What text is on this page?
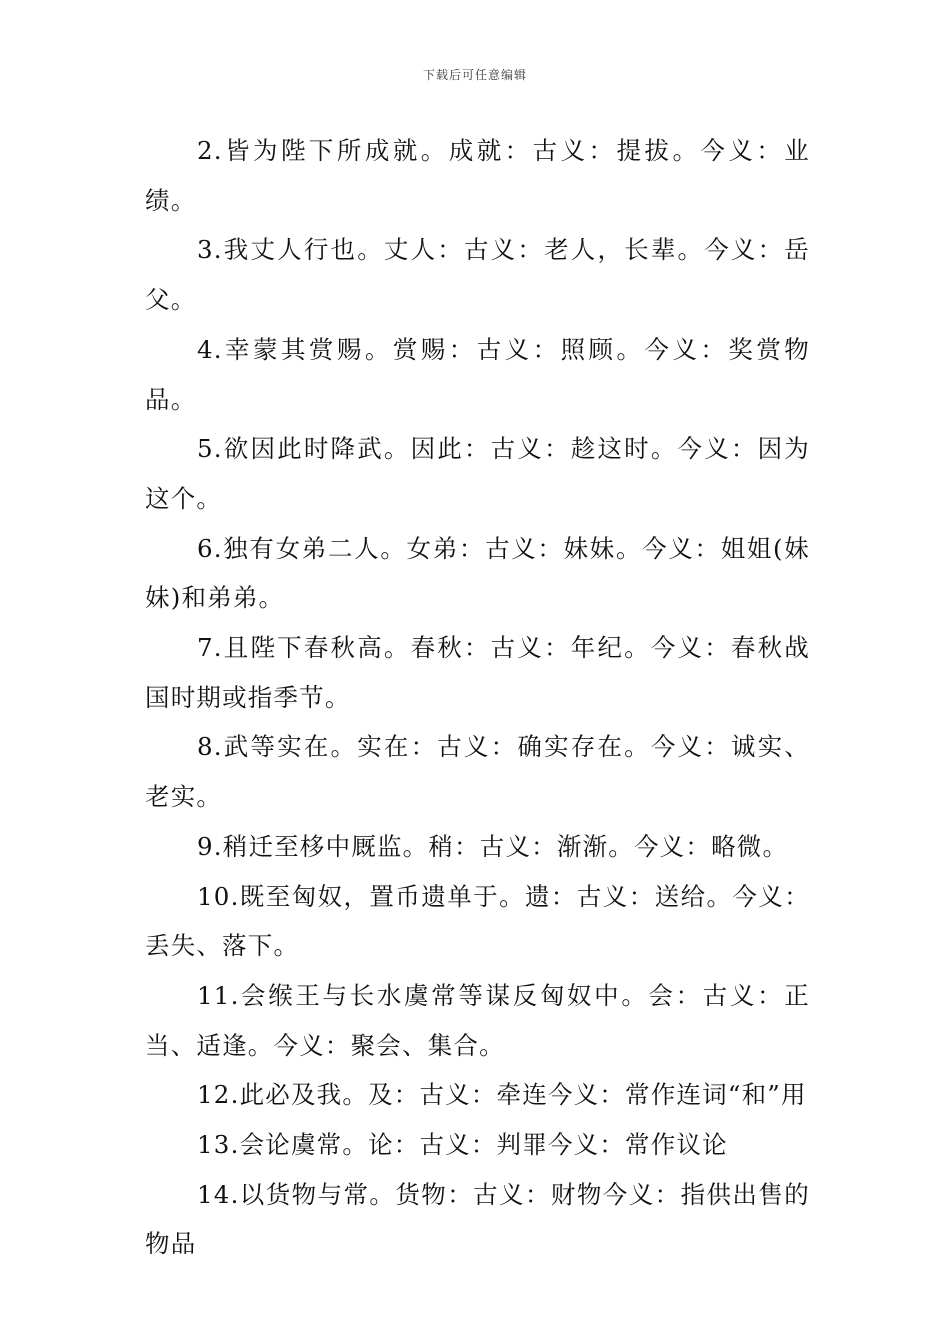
下载后可任意编辑

2.皆为陛下所成就。成就：古义：提拔。今义：业绩。

3.我丈人行也。丈人：古义：老人，长辈。今义：岳父。

4.幸蒙其赏赐。赏赐：古义：照顾。今义：奖赏物品。

5.欲因此时降武。因此：古义：趁这时。今义：因为这个。

6.独有女弟二人。女弟：古义：妹妹。今义：姐姐(妹妹)和弟弟。

7.且陛下春秋高。春秋：古义：年纪。今义：春秋战国时期或指季节。

8.武等实在。实在：古义：确实存在。今义：诚实、老实。

9.稍迁至栘中厩监。稍：古义：渐渐。今义：略微。

10.既至匈奴，置币遗单于。遗：古义：送给。今义：丢失、落下。

11.会缑王与长水虞常等谋反匈奴中。会：古义：正当、适逢。今义：聚会、集合。

12.此必及我。及：古义：牵连今义：常作连词“和”用

13.会论虞常。论：古义：判罪今义：常作议论

14.以货物与常。货物：古义：财物今义：指供出售的物品
